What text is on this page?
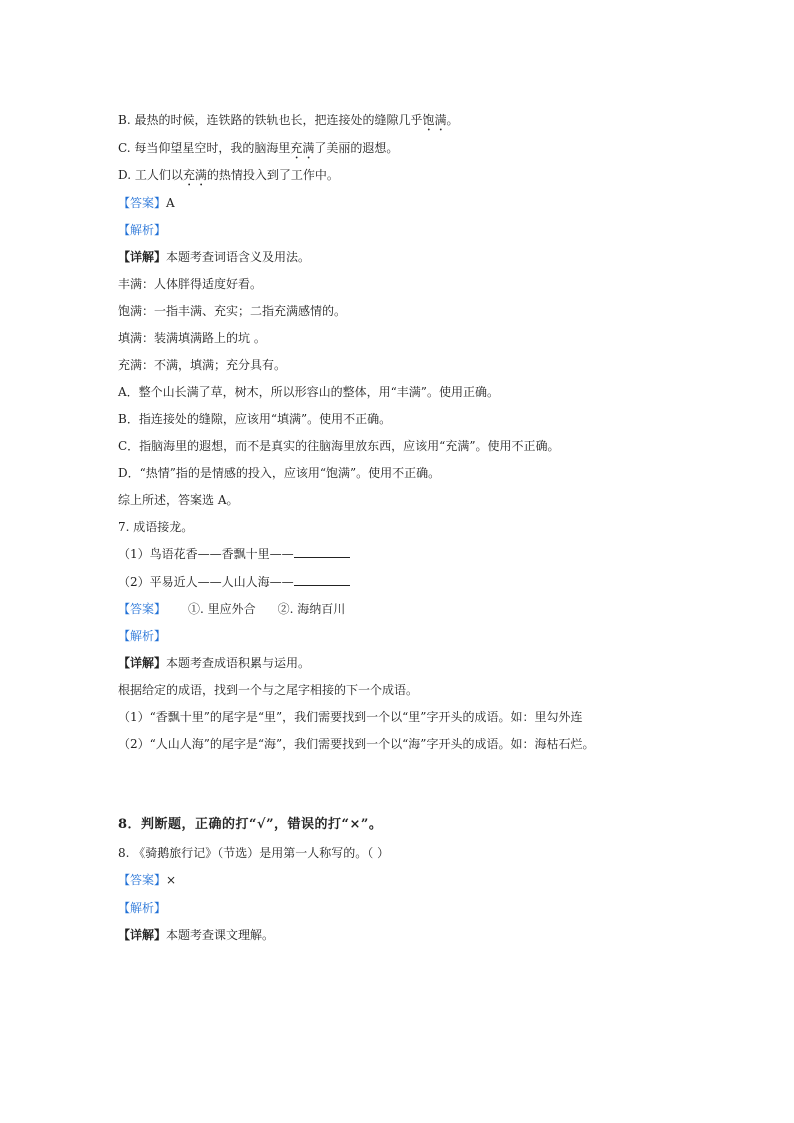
B. 最热的时候，连铁路的铁轨也长，把连接处的缝隙几乎饱满。
C. 每当仰望星空时，我的脑海里充满了美丽的遐想。
D. 工人们以充满的热情投入到了工作中。
【答案】A
【解析】
【详解】本题考查词语含义及用法。
丰满：人体胖得适度好看。
饱满：一指丰满、充实；二指充满感情的。
填满：装满填满路上的坑 。
充满：不满，填满；充分具有。
A．整个山长满了草，树木，所以形容山的整体，用“丰满”。使用正确。
B．指连接处的缝隙，应该用“填满”。使用不正确。
C．指脑海里的遐想，而不是真实的往脑海里放东西，应该用“充满”。使用不正确。
D．“热情”指的是情感的投入，应该用“饱满”。使用不正确。
综上所述，答案选 A。
7. 成语接龙。
（1）鸟语花香——香飘十里——
（2）平易近人——人山人海——
【答案】 ①. 里应外合 ②. 海纳百川
【解析】
【详解】本题考查成语积累与运用。
根据给定的成语，找到一个与之尾字相接的下一个成语。
（1）“香飘十里”的尾字是“里”，我们需要找到一个以“里”字开头的成语。如：里勾外连
（2）“人山人海”的尾字是“海”，我们需要找到一个以“海”字开头的成语。如：海枯石烂。
8．判断题，正确的打“√”，错误的打“×”。
8. 《骑鹅旅行记》（节选）是用第一人称写的。（ ）
【答案】×
【解析】
【详解】本题考查课文理解。
